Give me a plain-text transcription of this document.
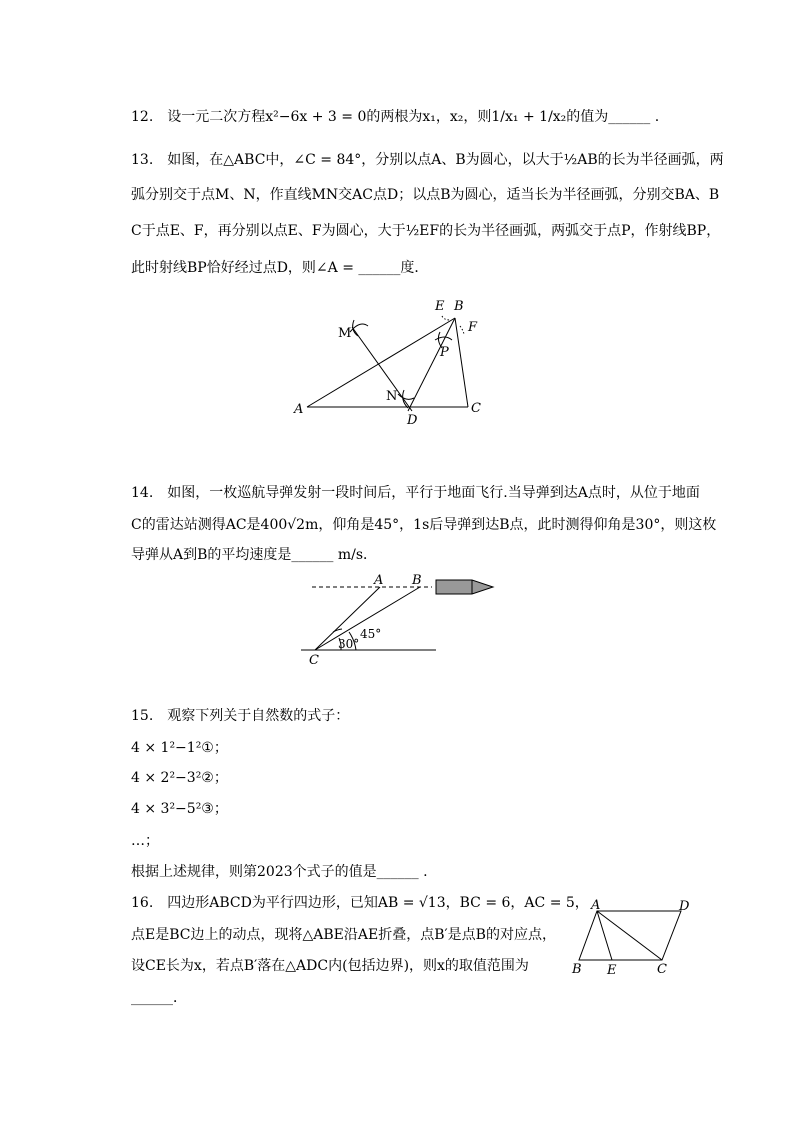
12.　设一元二次方程x²−6x + 3 = 0的两根为x₁，x₂，则1/x₁ + 1/x₂的值为______ .
13.　如图，在△ABC中，∠C = 84°，分别以点A、B为圆心，以大于½AB的长为半径画弧，两
弧分别交于点M、N，作直线MN交AC点D；以点B为圆心，适当长为半径画弧，分别交BA、B
C于点E、F，再分别以点E、F为圆心，大于½EF的长为半径画弧，两弧交于点P，作射线BP，
此时射线BP恰好经过点D，则∠A = ______度．
E B
F
M
P
N
A
D
C
14.　如图，一枚巡航导弹发射一段时间后，平行于地面飞行.当导弹到达A点时，从位于地面
C的雷达站测得AC是400√2m，仰角是45°，1s后导弹到达B点，此时测得仰角是30°，则这枚
导弹从A到B的平均速度是______ m/s．
A B
C
30°
45°
15.　观察下列关于自然数的式子：
4 × 1²−1²①；
4 × 2²−3²②；
4 × 3²−5²③；
…；
根据上述规律，则第2023个式子的值是______ .
16.　四边形ABCD为平行四边形，已知AB = √13，BC = 6，AC = 5，
点E是BC边上的动点，现将△ABE沿AE折叠，点B′是点B的对应点，
设CE长为x，若点B′落在△ADC内(包括边界)，则x的取值范围为
______．
A	D
B E	C
